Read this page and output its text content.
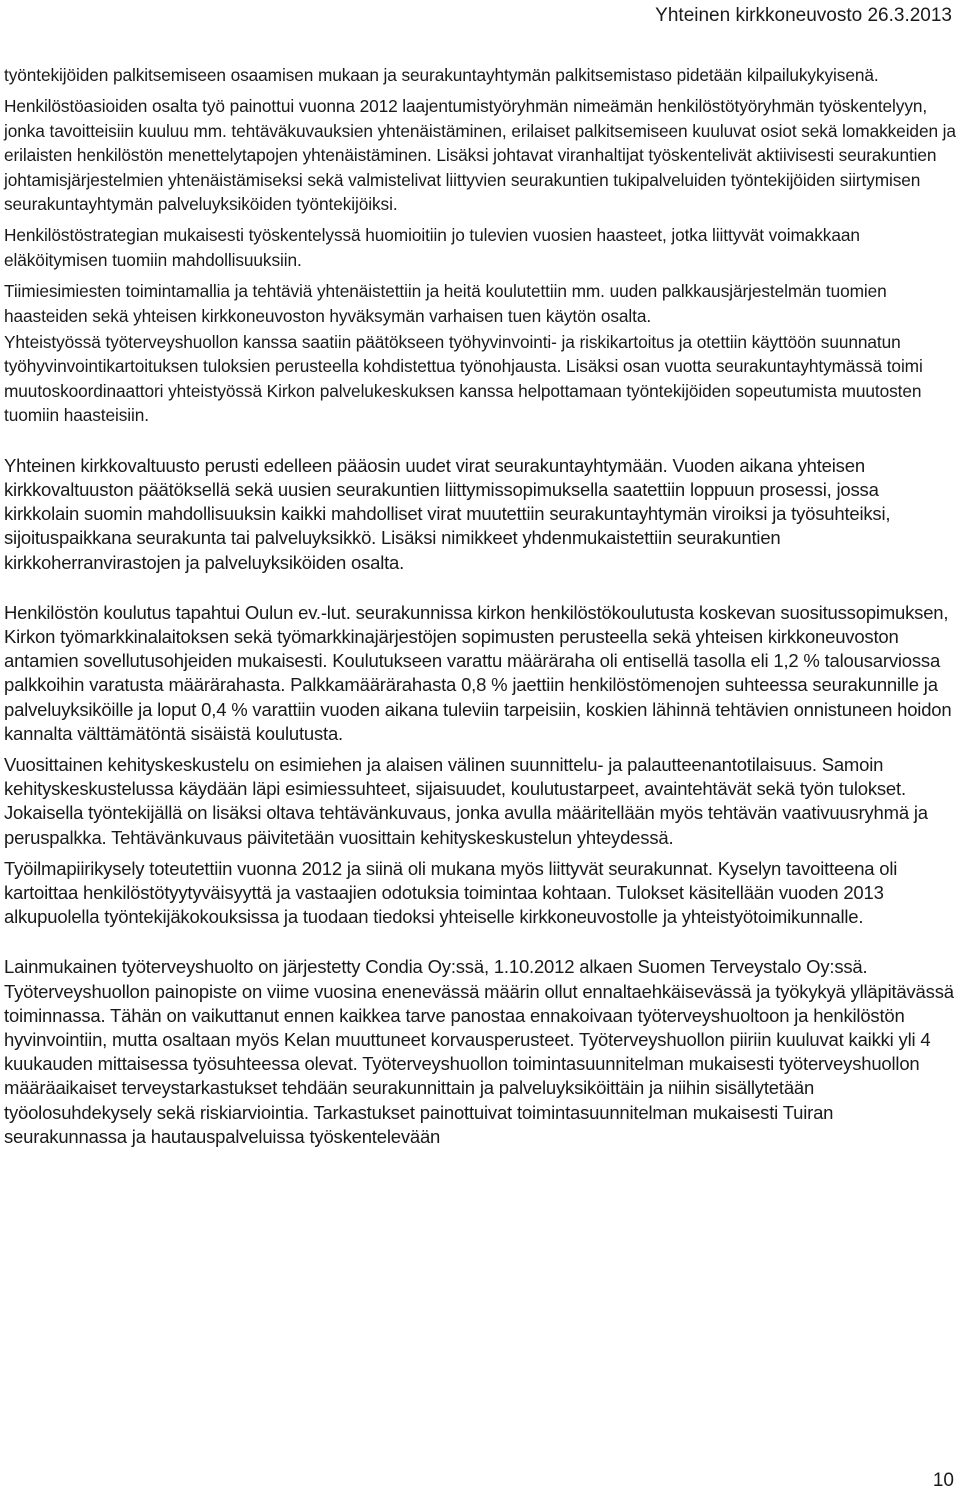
Yhteinen kirkkoneuvosto 26.3.2013

työntekijöiden palkitsemiseen osaamisen mukaan ja seurakuntayhtymän palkitsemistaso pidetään kilpailukykyisenä.

Henkilöstöasioiden osalta työ painottui vuonna 2012 laajentumistyöryhmän nimeämän henkilöstötyöryhmän työskentelyyn, jonka tavoitteisiin kuuluu mm. tehtäväkuvauksien yhtenäistäminen, erilaiset palkitsemiseen kuuluvat osiot sekä lomakkeiden ja erilaisten henkilöstön menettelytapojen yhtenäistäminen. Lisäksi johtavat viranhaltijat työskentelivät aktiivisesti seurakuntien johtamisjärjestelmien yhtenäistämiseksi sekä valmistelivat liittyvien seurakuntien tukipalveluiden työntekijöiden siirtymisen seurakuntayhtymän palveluyksiköiden työntekijöiksi.

Henkilöstöstrategian mukaisesti työskentelyssä huomioitiin jo tulevien vuosien haasteet, jotka liittyvät voimakkaan eläköitymisen tuomiin mahdollisuuksiin.

Tiimiesimiesten toimintamallia ja tehtäviä yhtenäistettiin ja heitä koulutettiin mm. uuden palkkausjärjestelmän tuomien haasteiden sekä yhteisen kirkkoneuvoston hyväksymän varhaisen tuen käytön osalta.

Yhteistyössä työterveyshuollon kanssa saatiin päätökseen työhyvinvointi- ja riskikartoitus ja otettiin käyttöön suunnatun työhyvinvointikartoituksen tuloksien perusteella kohdistettua työnohjausta. Lisäksi osan vuotta seurakuntayhtymässä toimi muutoskoordinaattori yhteistyössä Kirkon palvelukeskuksen kanssa helpottamaan työntekijöiden sopeutumista muutosten tuomiin haasteisiin.

Yhteinen kirkkovaltuusto perusti edelleen pääosin uudet virat seurakuntayhtymään. Vuoden aikana yhteisen kirkkovaltuuston päätöksellä sekä uusien seurakuntien liittymissopimuksella saatettiin loppuun prosessi, jossa kirkkolain suomin mahdollisuuksin kaikki mahdolliset virat muutettiin seurakuntayhtymän viroiksi ja työsuhteiksi, sijoituspaikkana seurakunta tai palveluyksikkö. Lisäksi nimikkeet yhdenmukaistettiin seurakuntien kirkkoherranvirastojen ja palveluyksiköiden osalta.

Henkilöstön koulutus tapahtui Oulun ev.-lut. seurakunnissa kirkon henkilöstökoulutusta koskevan suositussopimuksen, Kirkon työmarkkinalaitoksen sekä työmarkkinajärjestöjen sopimusten perusteella sekä yhteisen kirkkoneuvoston antamien sovellutusohjeiden mukaisesti. Koulutukseen varattu määräraha oli entisellä tasolla eli 1,2 % talousarviossa palkkoihin varatusta määrärahasta. Palkkamäärärahasta 0,8 % jaettiin henkilöstömenojen suhteessa seurakunnille ja palveluyksiköille ja loput 0,4 % varattiin vuoden aikana tuleviin tarpeisiin, koskien lähinnä tehtävien onnistuneen hoidon kannalta välttämätöntä sisäistä koulutusta.

Vuosittainen kehityskeskustelu on esimiehen ja alaisen välinen suunnittelu- ja palautteenantotilaisuus. Samoin kehityskeskustelussa käydään läpi esimiessuhteet, sijaisuudet, koulutustarpeet, avaintehtävät sekä työn tulokset. Jokaisella työntekijällä on lisäksi oltava tehtävänkuvaus, jonka avulla määritellään myös tehtävän vaativuusryhmä ja peruspalkka. Tehtävänkuvaus päivitetään vuosittain kehityskeskustelun yhteydessä.

Työilmapiirikysely toteutettiin vuonna 2012 ja siinä oli mukana myös liittyvät seurakunnat. Kyselyn tavoitteena oli kartoittaa henkilöstötyytyväisyyttä ja vastaajien odotuksia toimintaa kohtaan. Tulokset käsitellään vuoden 2013 alkupuolella työntekijäkokouksissa ja tuodaan tiedoksi yhteiselle kirkkoneuvostolle ja yhteistyötoimikunnalle.

Lainmukainen työterveyshuolto on järjestetty Condia Oy:ssä, 1.10.2012 alkaen Suomen Terveystalo Oy:ssä. Työterveyshuollon painopiste on viime vuosina enenevässä määrin ollut ennaltaehkäisevässä ja työkykyä ylläpitävässä toiminnassa. Tähän on vaikuttanut ennen kaikkea tarve panostaa ennakoivaan työterveyshuoltoon ja henkilöstön hyvinvointiin, mutta osaltaan myös Kelan muuttuneet korvausperusteet. Työterveyshuollon piiriin kuuluvat kaikki yli 4 kuukauden mittaisessa työsuhteessa olevat. Työterveyshuollon toimintasuunnitelman mukaisesti työterveyshuollon määräaikaiset terveystarkastukset tehdään seurakunnittain ja palveluyksiköittäin ja niihin sisällytetään työolosuhdekysely sekä riskiarviointia. Tarkastukset painottuivat toimintasuunnitelman mukaisesti Tuiran seurakunnassa ja hautauspalveluissa työskentelevään

10
